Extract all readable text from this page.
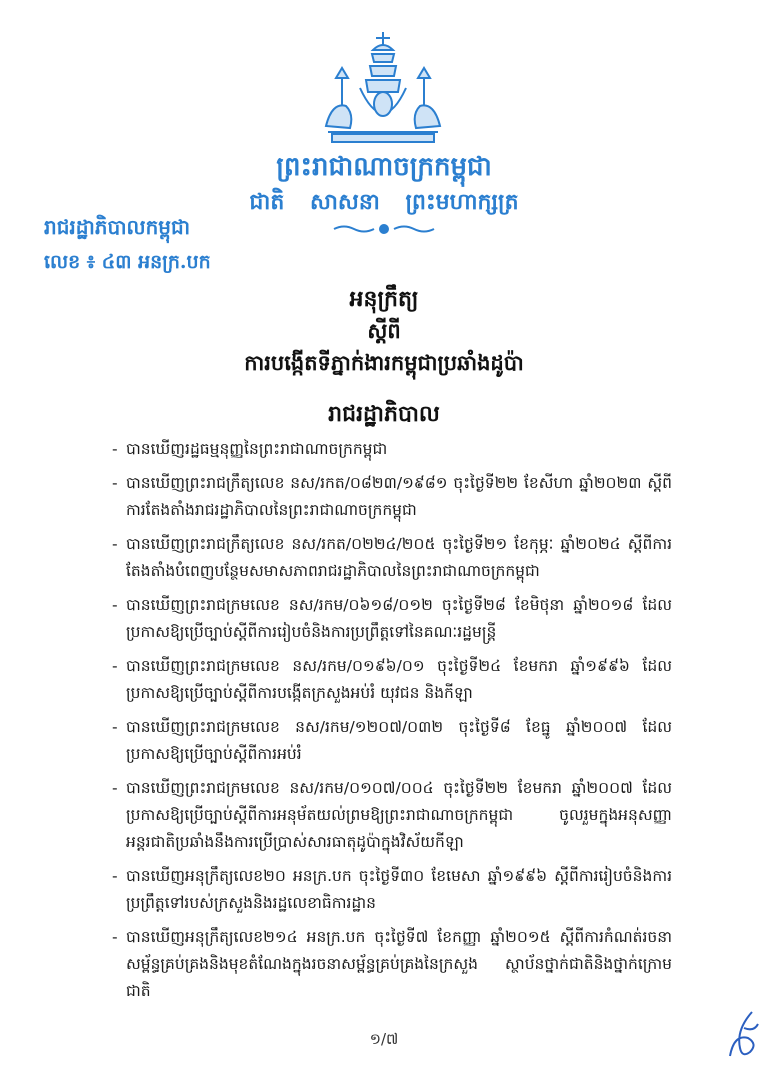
ព្រះរាជាណាចក្រកម្ពុជា
ជាតិ សាសនា ព្រះមហាក្សត្រ
រាជរដ្ឋាភិបាលកម្ពុជា
លេខ ៖ ៤៣ អនក្រ.បក
អនុក្រឹត្យ
ស្ដីពី
ការបង្កើតទីភ្នាក់ងារកម្ពុជាប្រឆាំងដូប៉ា
រាជរដ្ឋាភិបាល
- បានឃើញរដ្ឋធម្មនុញ្ញនៃព្រះរាជាណាចក្រកម្ពុជា
- បានឃើញព្រះរាជក្រឹត្យលេខ នស/រកត/០៨២៣/១៩៨១ ចុះថ្ងៃទី២២ ខែសីហា ឆ្នាំ២០២៣ ស្ដីពីការតែងតាំងរាជរដ្ឋាភិបាលនៃព្រះរាជាណាចក្រកម្ពុជា
- បានឃើញព្រះរាជក្រឹត្យលេខ នស/រកត/០២២៤/២០៥ ចុះថ្ងៃទី២១ ខែកុម្ភៈ ឆ្នាំ២០២៤ ស្ដីពីការតែងតាំងបំពេញបន្ថែមសមាសភាពរាជរដ្ឋាភិបាលនៃព្រះរាជាណាចក្រកម្ពុជា
- បានឃើញព្រះរាជក្រមលេខ នស/រកម/០៦១៨/០១២ ចុះថ្ងៃទី២៨ ខែមិថុនា ឆ្នាំ២០១៨ ដែលប្រកាសឱ្យប្រើច្បាប់ស្ដីពីការរៀបចំនិងការប្រព្រឹត្តទៅនៃគណៈរដ្ឋមន្ត្រី
- បានឃើញព្រះរាជក្រមលេខ នស/រកម/០១៩៦/០១ ចុះថ្ងៃទី២៤ ខែមករា ឆ្នាំ១៩៩៦ ដែលប្រកាសឱ្យប្រើច្បាប់ស្ដីពីការបង្កើតក្រសួងអប់រំ យុវជន និងកីឡា
- បានឃើញព្រះរាជក្រមលេខ នស/រកម/១២០៧/០៣២ ចុះថ្ងៃទី៨ ខែធ្នូ ឆ្នាំ២០០៧ ដែលប្រកាសឱ្យប្រើច្បាប់ស្ដីពីការអប់រំ
- បានឃើញព្រះរាជក្រមលេខ នស/រកម/០១០៧/០០៤ ចុះថ្ងៃទី២២ ខែមករា ឆ្នាំ២០០៧ ដែលប្រកាសឱ្យប្រើច្បាប់ស្ដីពីការអនុម័តយល់ព្រមឱ្យព្រះរាជាណាចក្រកម្ពុជា ចូលរួមក្នុងអនុសញ្ញាអន្តរជាតិប្រឆាំងនឹងការប្រើប្រាស់សារធាតុដូប៉ាក្នុងវិស័យកីឡា
- បានឃើញអនុក្រឹត្យលេខ២០ អនក្រ.បក ចុះថ្ងៃទី៣០ ខែមេសា ឆ្នាំ១៩៩៦ ស្ដីពីការរៀបចំនិងការប្រព្រឹត្តទៅរបស់ក្រសួងនិងរដ្ឋលេខាធិការដ្ឋាន
- បានឃើញអនុក្រឹត្យលេខ២១៤ អនក្រ.បក ចុះថ្ងៃទី៧ ខែកញ្ញា ឆ្នាំ២០១៥ ស្ដីពីការកំណត់រចនាសម្ព័ន្ធគ្រប់គ្រងនិងមុខតំណែងក្នុងរចនាសម្ព័ន្ធគ្រប់គ្រងនៃក្រសួង ស្ថាប័នថ្នាក់ជាតិនិងថ្នាក់ក្រោមជាតិ
១/៧
